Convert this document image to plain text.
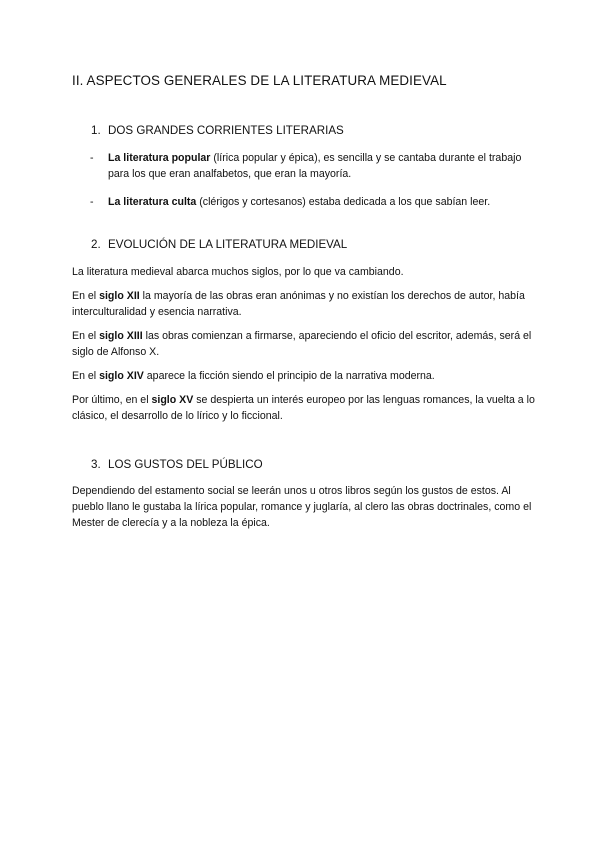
II. ASPECTOS GENERALES DE LA LITERATURA MEDIEVAL
1. DOS GRANDES CORRIENTES LITERARIAS
- La literatura popular (lírica popular y épica), es sencilla y se cantaba durante el trabajo para los que eran analfabetos, que eran la mayoría.
- La literatura culta (clérigos y cortesanos) estaba dedicada a los que sabían leer.
2. EVOLUCIÓN DE LA LITERATURA MEDIEVAL

La literatura medieval abarca muchos siglos, por lo que va cambiando.

En el siglo XII la mayoría de las obras eran anónimas y no existían los derechos de autor, había interculturalidad y esencia narrativa.

En el siglo XIII las obras comienzan a firmarse, apareciendo el oficio del escritor, además, será el siglo de Alfonso X.

En el siglo XIV aparece la ficción siendo el principio de la narrativa moderna.

Por último, en el siglo XV se despierta un interés europeo por las lenguas romances, la vuelta a lo clásico, el desarrollo de lo lírico y lo ficcional.

3. LOS GUSTOS DEL PÚBLICO

Dependiendo del estamento social se leerán unos u otros libros según los gustos de estos. Al pueblo llano le gustaba la lírica popular, romance y juglaría, al clero las obras doctrinales, como el Mester de clerecía y a la nobleza la épica.
